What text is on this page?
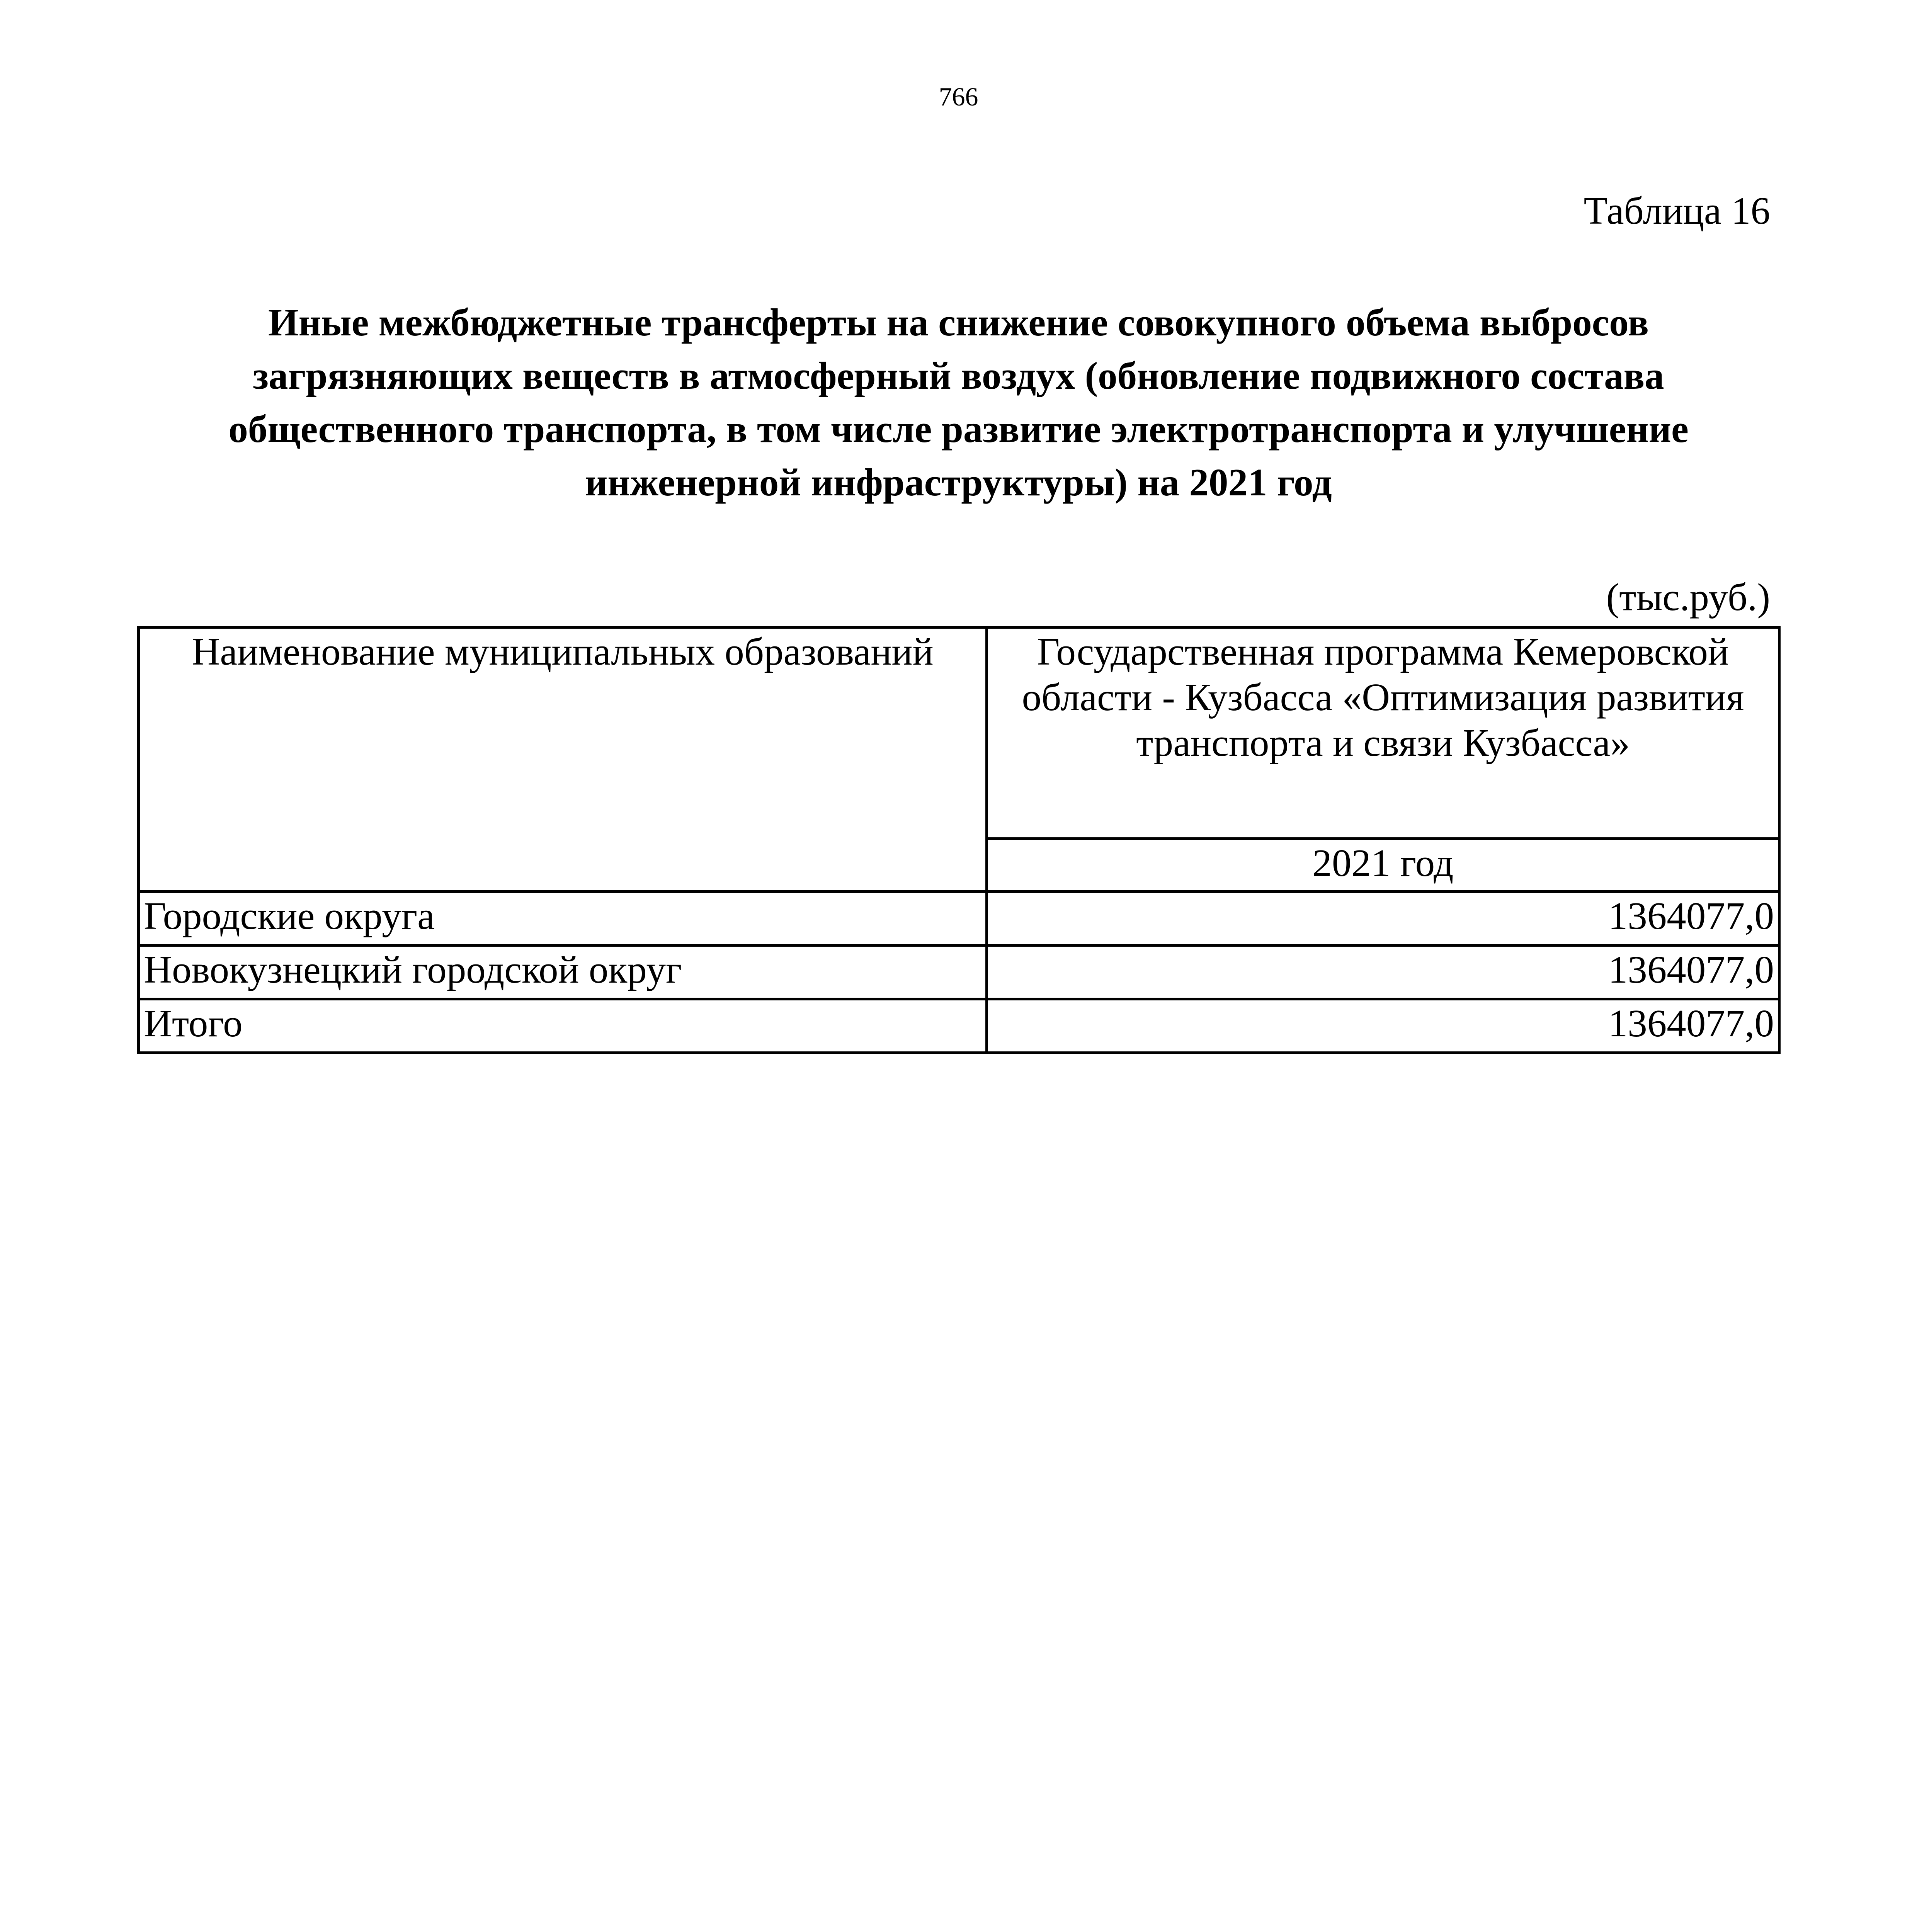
766
Таблица 16
Иные межбюджетные трансферты на снижение совокупного объема выбросов загрязняющих веществ в атмосферный воздух (обновление подвижного состава общественного транспорта, в том числе развитие электротранспорта и улучшение инженерной инфраструктуры) на 2021 год
(тыс.руб.)
Наименование муниципальных образований	Государственная программа Кемеровской области - Кузбасса «Оптимизация развития транспорта и связи Кузбасса»
	2021 год
Городские округа	1364077,0
Новокузнецкий городской округ	1364077,0
Итого	1364077,0
